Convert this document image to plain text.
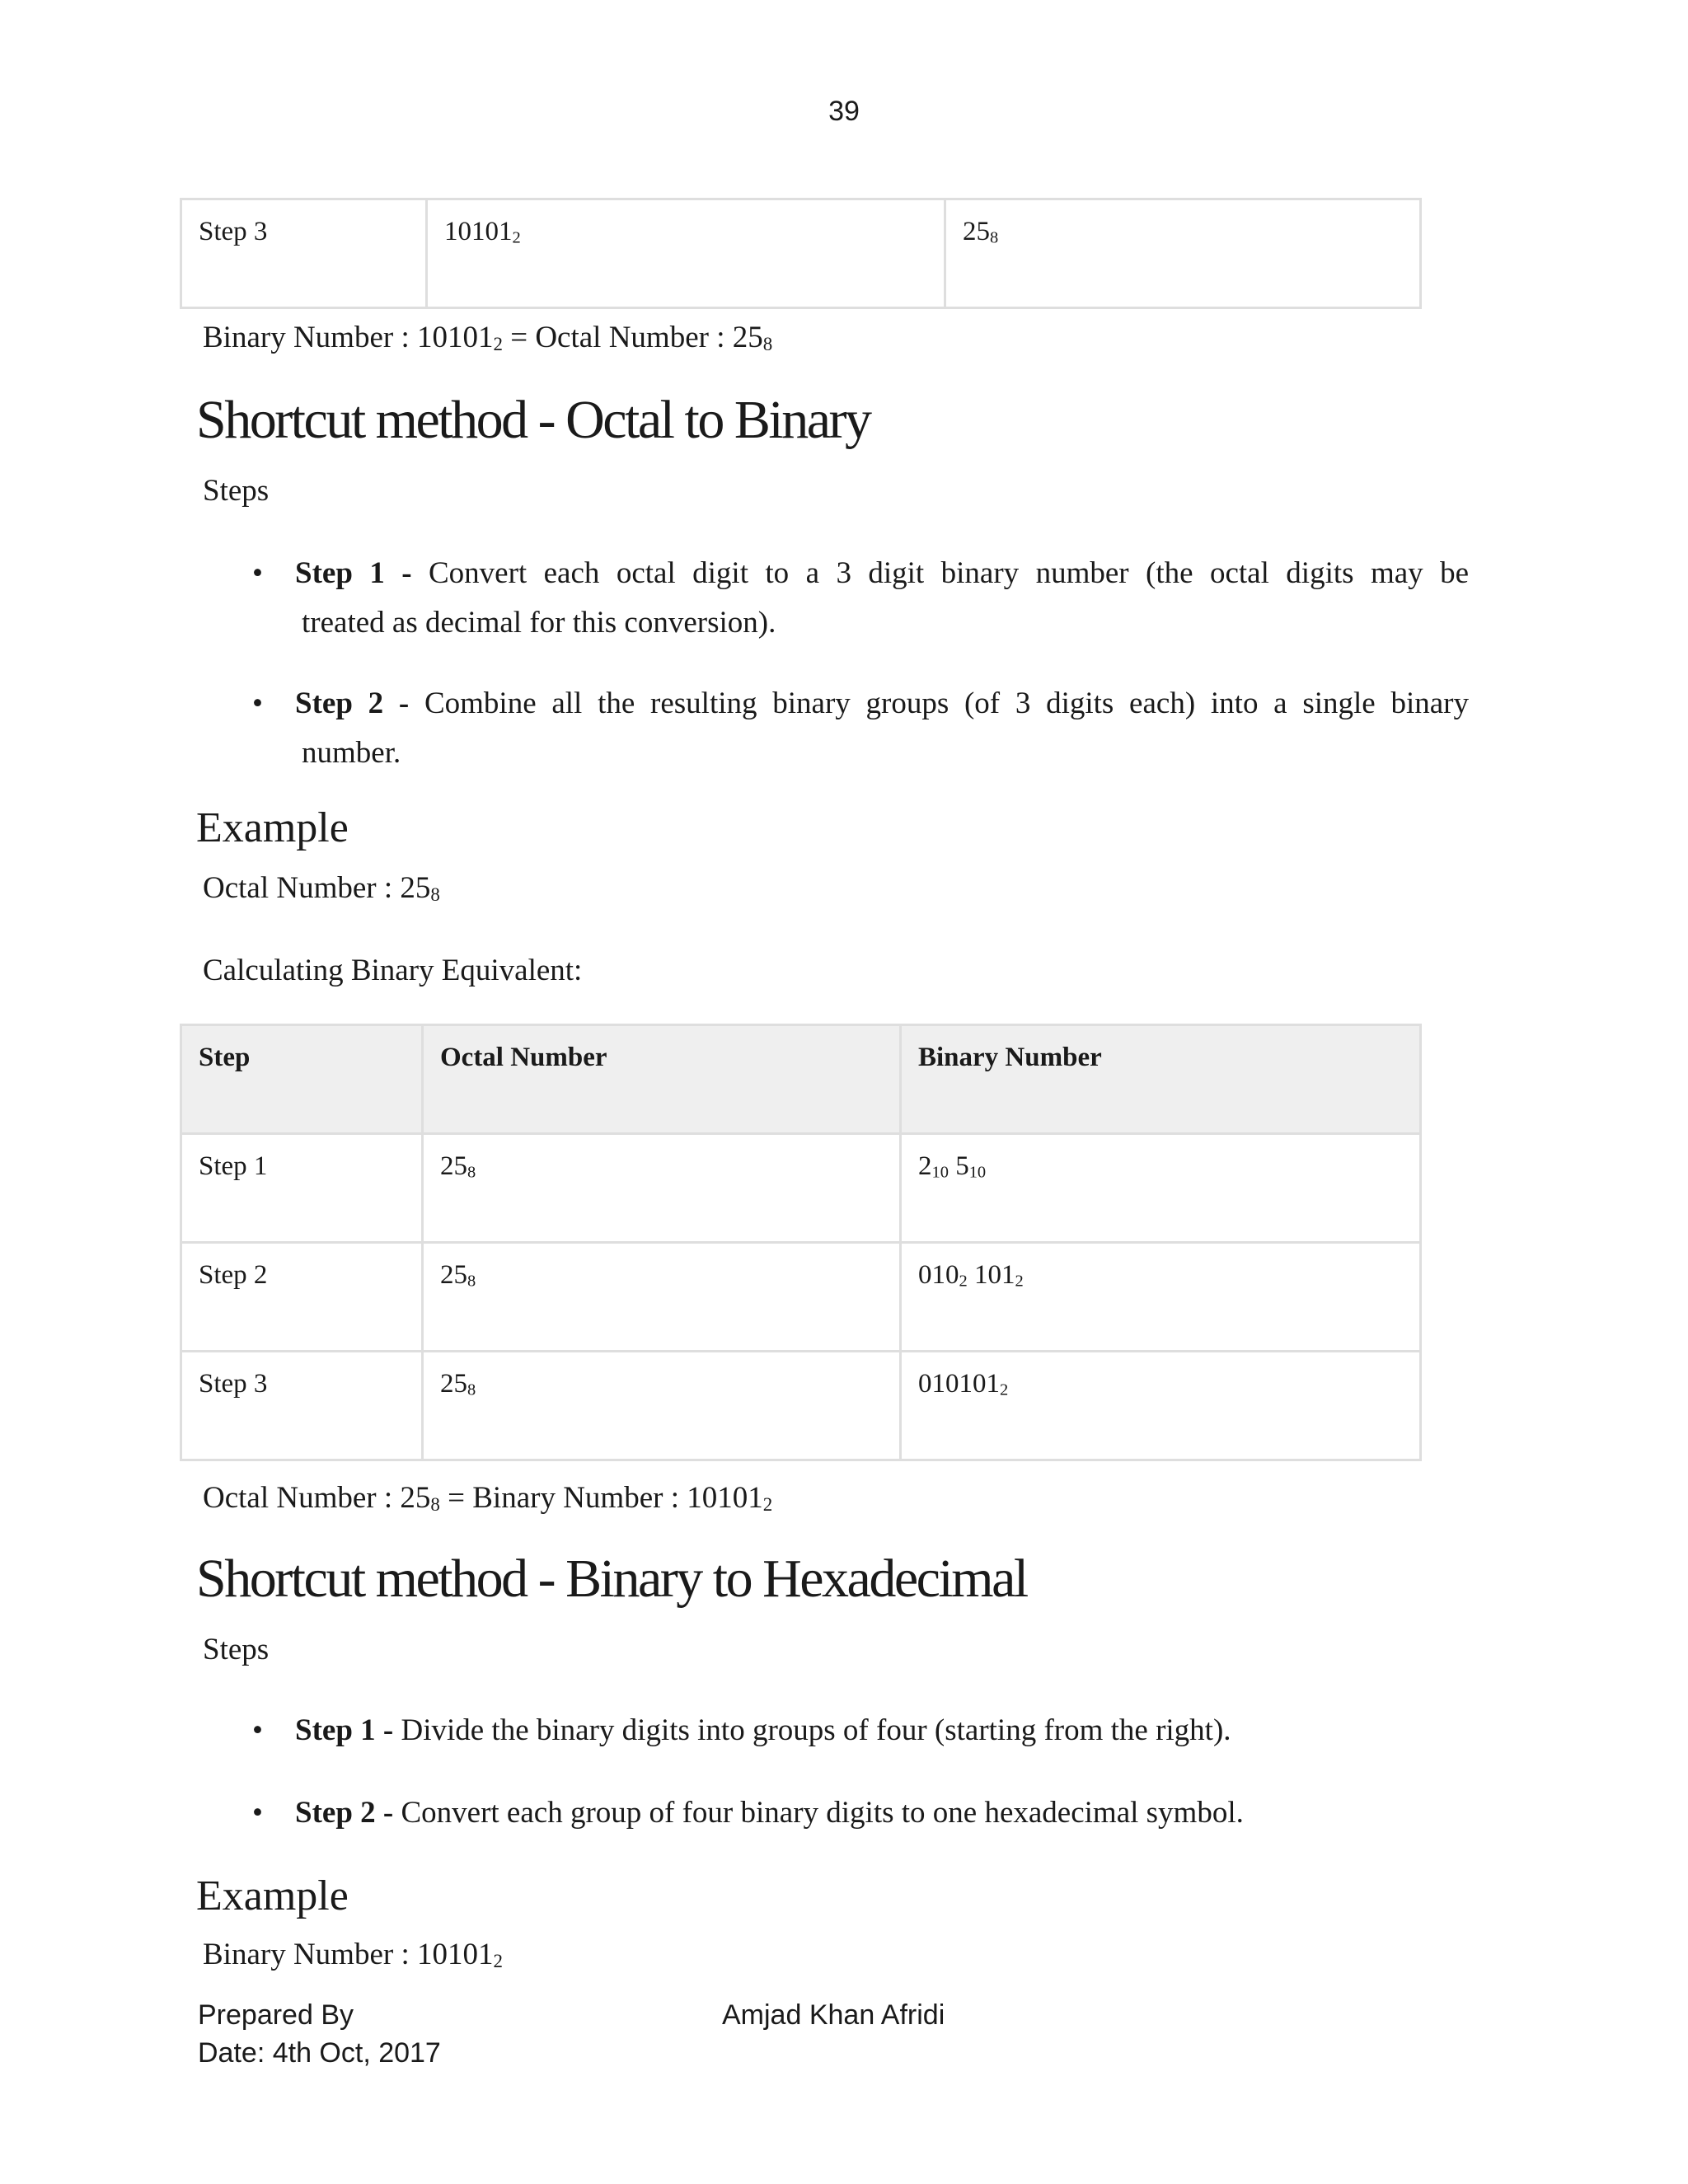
39
Step 3	$10101_2$	$25_8$
Binary Number : $10101_2$ = Octal Number : $25_8$
Shortcut method - Octal to Binary
Steps
• Step 1 - Convert each octal digit to a 3 digit binary number (the octal digits may be
treated as decimal for this conversion).
• Step 2 - Combine all the resulting binary groups (of 3 digits each) into a single binary
number.
Example
Octal Number : $25_8$
Calculating Binary Equivalent:
Step	Octal Number	Binary Number
Step 1	$25_8$	$2_{10}$ $5_{10}$
Step 2	$25_8$	$010_2$ $101_2$
Step 3	$25_8$	$010101_2$
Octal Number : $25_8$ = Binary Number : $10101_2$
Shortcut method - Binary to Hexadecimal
Steps
• Step 1 - Divide the binary digits into groups of four (starting from the right).
• Step 2 - Convert each group of four binary digits to one hexadecimal symbol.
Example
Binary Number : $10101_2$
Prepared By	Amjad Khan Afridi
Date: 4th Oct, 2017
